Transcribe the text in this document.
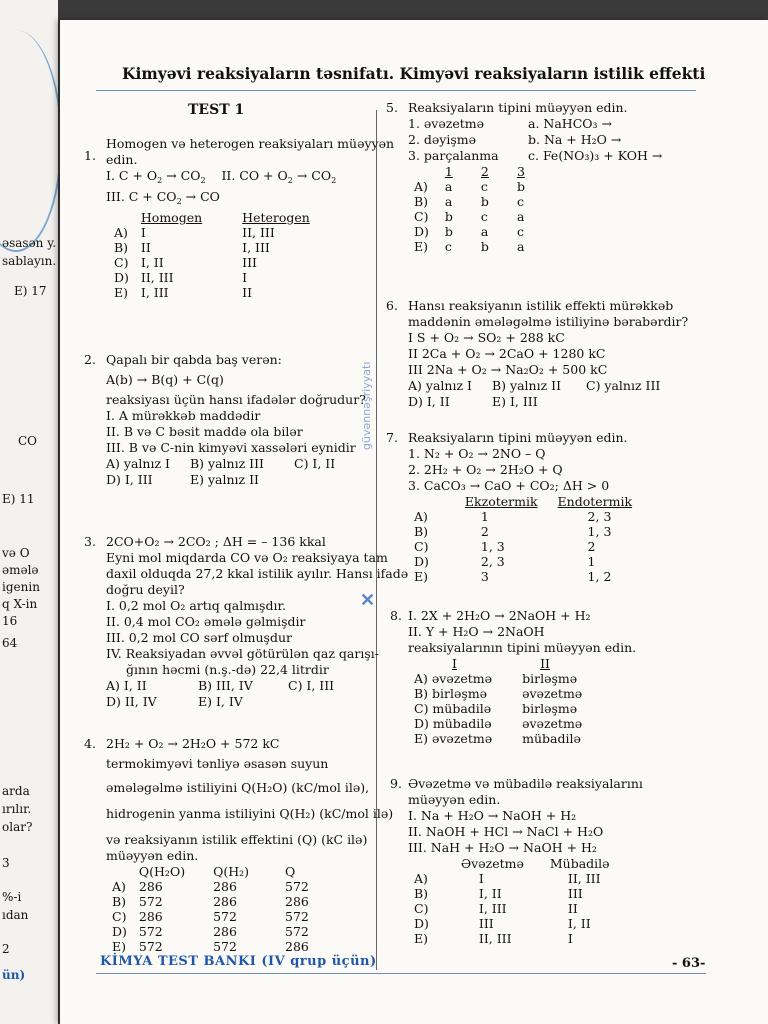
əsasən y.
sablayın.
E) 17
CO
E) 11
və O
əmələ
igenin
q X-in
16
64
arda
ırılır.
olar?
3
%-i
ıdan
2
ün)
Kimyəvi reaksiyaların təsnifatı. Kimyəvi reaksiyaların istilik effekti
güvənnəşriyyatı
✕
TEST 1
1.
Homogen və heterogen reaksiyaları müəyyən
edin.
I. $C + O_2 \to CO_2$ II. CO + $O_2 \to CO_2$
III. $C + CO_2$ → CO
	Homogen	Heterogen
A)	I	II, III
B)	II	I, III
C)	I, II	III
D)	II, III	I
E)	I, III	II
2. Qapalı bir qabda baş verən:
A(b) → B(q) + C(q)
reaksiyası üçün hansı ifadələr doğrudur?
I. A mürəkkəb maddədir
II. B və C bəsit maddə ola bilər
III. B və C-nin kimyəvi xassələri eynidir
A) yalnız I B) yalnız III C) I, II
D) I, III	E) yalnız II
3. 2CO+O₂ → 2CO₂ ; ΔH = – 136 kkal
Eyni mol miqdarda CO və O₂ reaksiyaya tam
daxil olduqda 27,2 kkal istilik ayılır. Hansı ifadə
doğru deyil?
I. 0,2 mol O₂ artıq qalmışdır.
II. 0,4 mol CO₂ əmələ gəlmişdir
III. 0,2 mol CO sərf olmuşdur
IV. Reaksiyadan əvvəl götürülən qaz qarışı-
ğının həcmi (n.ş.-də) 22,4 litrdir
A) I, II	B) III, IV	C) I, III
D) II, IV	E) I, IV
4. 2H₂ + O₂ → 2H₂O + 572 kC
termokimyəvi tənliyə əsasən suyun
əmələgəlmə istiliyini Q(H₂O) (kC/mol ilə),
hidrogenin yanma istiliyini Q(H₂) (kC/mol ilə)
və reaksiyanın istilik effektini (Q) (kC ilə)
müəyyən edin.
	Q(H₂O)	Q(H₂)	Q
A)	286	286	572
B)	572	286	286
C)	286	572	572
D)	572	286	572
E)	572	572	286
5. Reaksiyaların tipini müəyyən edin.
1. əvəzetmə	a. NaHCO₃ →
2. dəyişmə	b. Na + H₂O →
3. parçalanma c. Fe(NO₃)₃ + KOH →
	1	2	3
A)	a	c	b
B)	a	b	c
C)	b	c	a
D)	b	a	c
E)	c	b	a
6. Hansı reaksiyanın istilik effekti mürəkkəb
maddənin əmələgəlmə istiliyinə bərabərdir?
I S + O₂ → SO₂ + 288 kC
II 2Ca + O₂ → 2CaO + 1280 kC
III 2Na + O₂ → Na₂O₂ + 500 kC
A) yalnız I B) yalnız II C) yalnız III
D) I, II	E) I, III
7. Reaksiyaların tipini müəyyən edin.
1. N₂ + O₂ → 2NO – Q
2. 2H₂ + O₂ → 2H₂O + Q
3. CaCO₃ → CaO + CO₂; ΔH > 0
	Ekzotermik	Endotermik
A)	1	2, 3
B)	2	1, 3
C)	1, 3	2
D)	2, 3	1
E)	3	1, 2
8. I. 2X + 2H₂O → 2NaOH + H₂
II. Y + H₂O → 2NaOH
reaksiyalarının tipini müəyyən edin.
I	II
A) əvəzetmə	birləşmə
B) birləşmə	əvəzetmə
C) mübadilə	birləşmə
D) mübadilə	əvəzetmə
E) əvəzetmə	mübadilə
9. Əvəzetmə və mübadilə reaksiyalarını
müəyyən edin.
I. Na + H₂O → NaOH + H₂
II. NaOH + HCl → NaCl + H₂O
III. NaH + H₂O → NaOH + H₂
	Əvəzetmə	Mübadilə
A)	I	II, III
B)	I, II	III
C)	I, III	II
D)	III	I, II
E)	II, III	I
KİMYA TEST BANKI (IV qrup üçün)	- 63-
